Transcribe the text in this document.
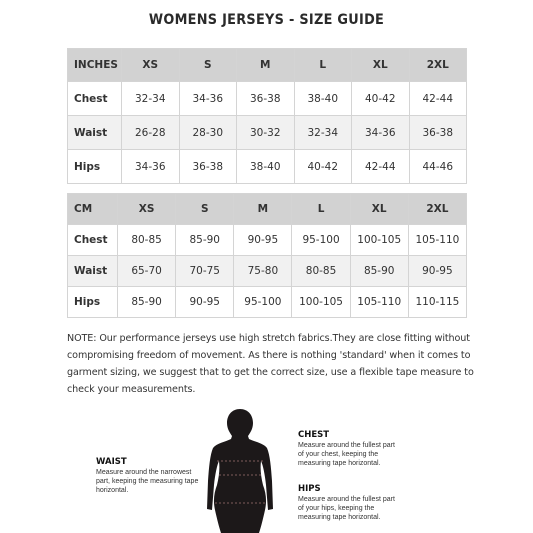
WOMENS JERSEYS - SIZE GUIDE
INCHES	XS	S	M	L	XL	2XL
Chest	32-34	34-36	36-38	38-40	40-42	42-44
Waist	26-28	28-30	30-32	32-34	34-36	36-38
Hips	34-36	36-38	38-40	40-42	42-44	44-46
CM	XS	S	M	L	XL	2XL
Chest	80-85	85-90	90-95	95-100	100-105	105-110
Waist	65-70	70-75	75-80	80-85	85-90	90-95
Hips	85-90	90-95	95-100	100-105	105-110	110-115
NOTE: Our performance jerseys use high stretch fabrics.They are close fitting without compromising freedom of movement. As there is nothing 'standard' when it comes to garment sizing, we suggest that to get the correct size, use a flexible tape measure to check your measurements.
CHEST
Measure around the fullest part of your chest, keeping the measuring tape horizontal.
WAIST
Measure around the narrowest part, keeping the measuring tape horizontal.	HIPS
Measure around the fullest part of your hips, keeping the measuring tape horizontal.
